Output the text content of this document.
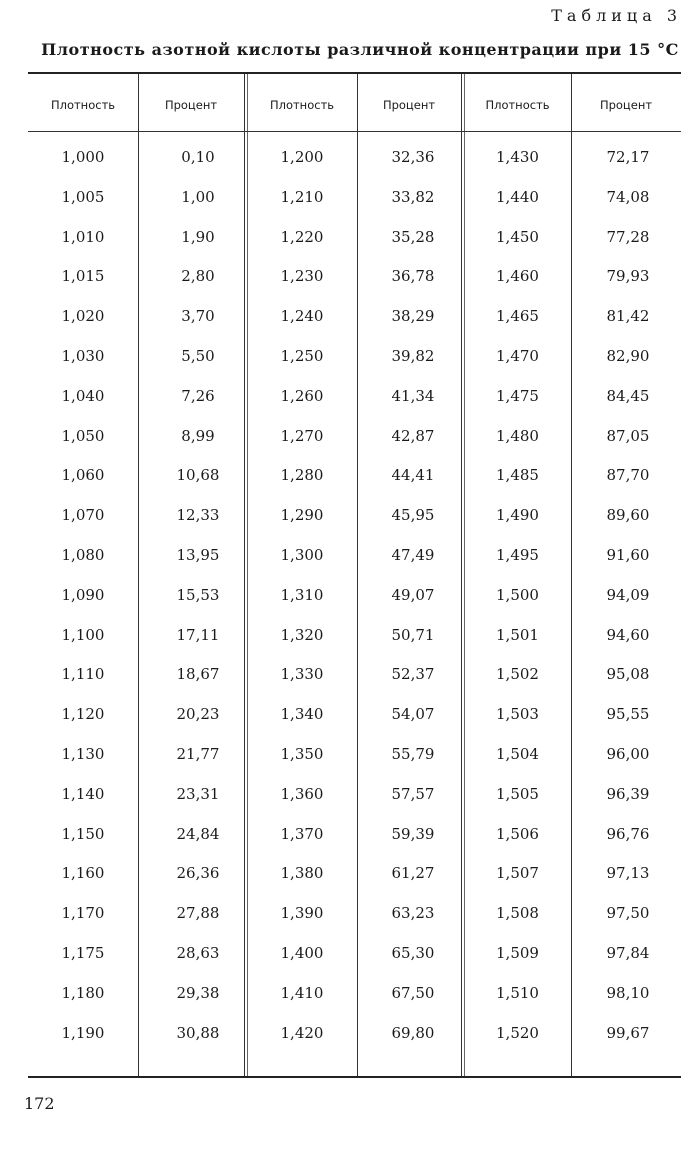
Таблица 3
Плотность азотной кислоты различной концентрации при 15 °С
Плотность	Процент	Плотность	Процент	Плотность	Процент
1,000	0,10	1,200	32,36	1,430	72,17
1,005	1,00	1,210	33,82	1,440	74,08
1,010	1,90	1,220	35,28	1,450	77,28
1,015	2,80	1,230	36,78	1,460	79,93
1,020	3,70	1,240	38,29	1,465	81,42
1,030	5,50	1,250	39,82	1,470	82,90
1,040	7,26	1,260	41,34	1,475	84,45
1,050	8,99	1,270	42,87	1,480	87,05
1,060	10,68	1,280	44,41	1,485	87,70
1,070	12,33	1,290	45,95	1,490	89,60
1,080	13,95	1,300	47,49	1,495	91,60
1,090	15,53	1,310	49,07	1,500	94,09
1,100	17,11	1,320	50,71	1,501	94,60
1,110	18,67	1,330	52,37	1,502	95,08
1,120	20,23	1,340	54,07	1,503	95,55
1,130	21,77	1,350	55,79	1,504	96,00
1,140	23,31	1,360	57,57	1,505	96,39
1,150	24,84	1,370	59,39	1,506	96,76
1,160	26,36	1,380	61,27	1,507	97,13
1,170	27,88	1,390	63,23	1,508	97,50
1,175	28,63	1,400	65,30	1,509	97,84
1,180	29,38	1,410	67,50	1,510	98,10
1,190	30,88	1,420	69,80	1,520	99,67
172
